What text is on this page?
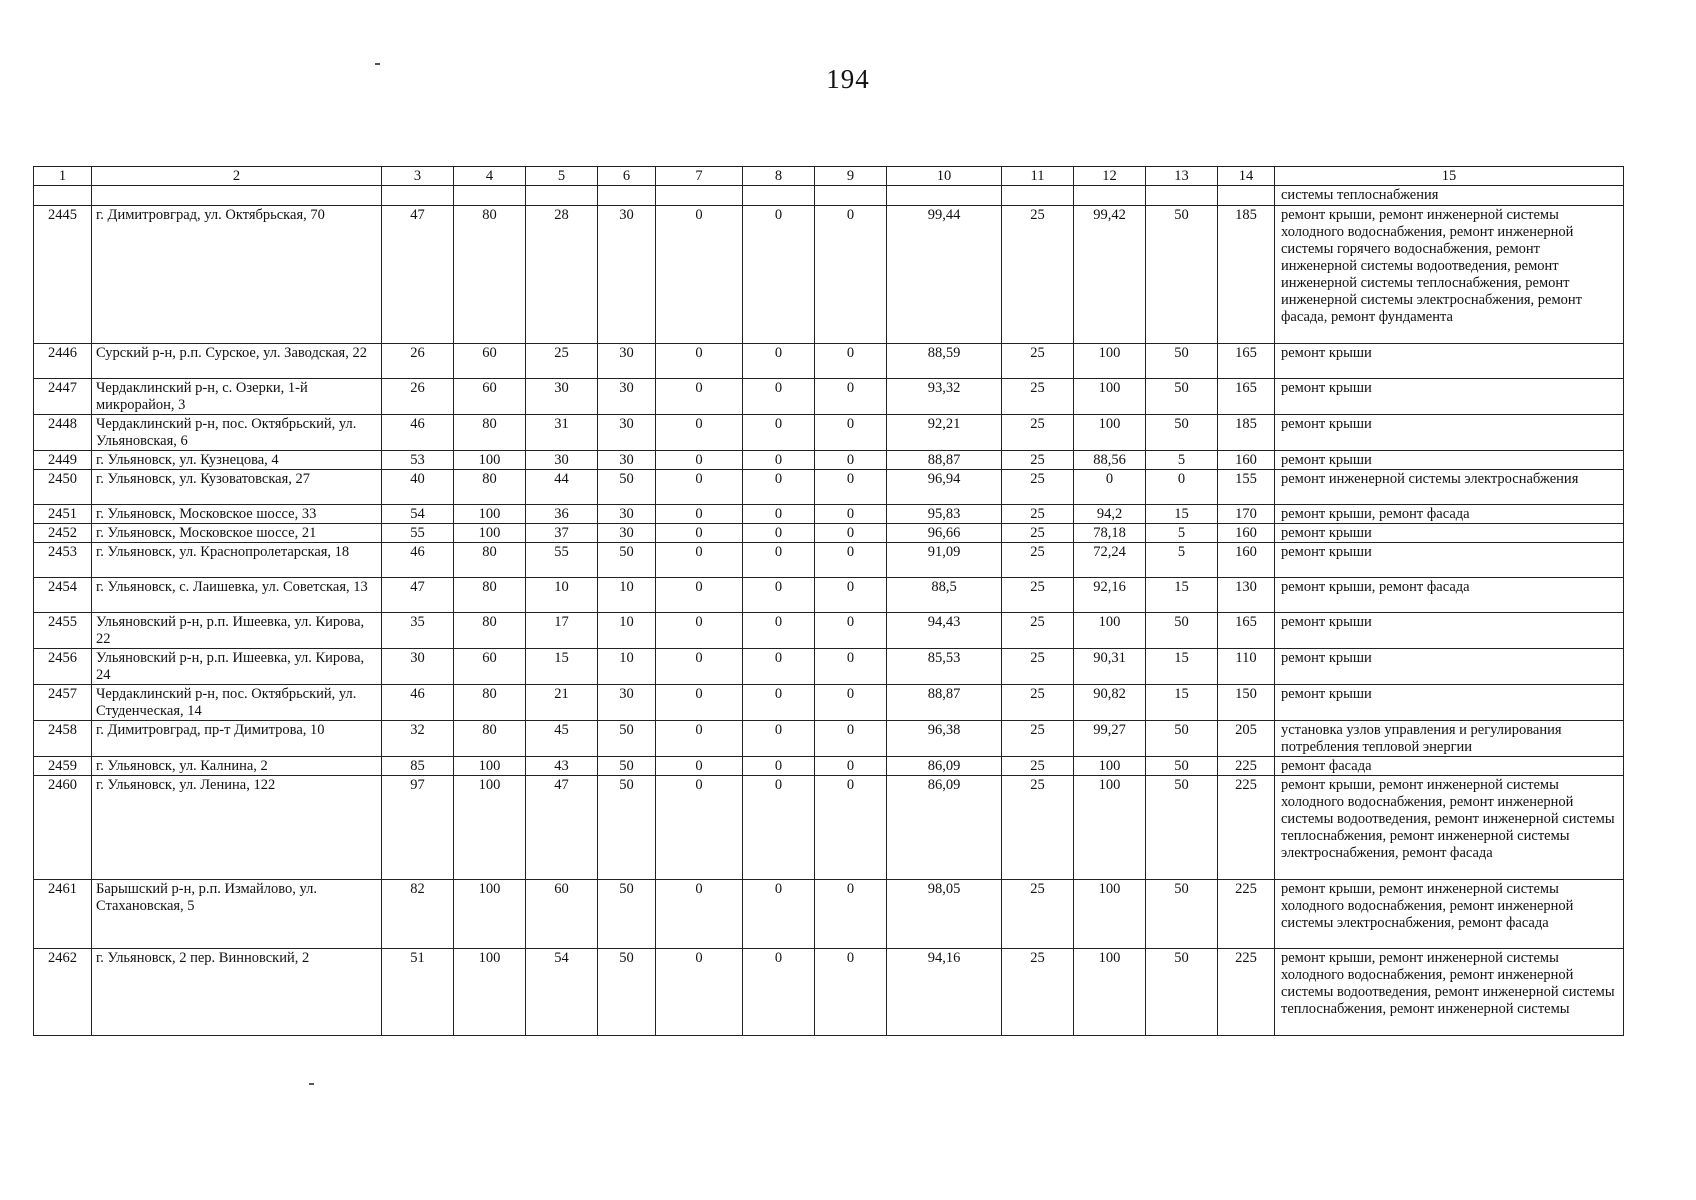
194
1	2	3	4	5	6	7	8	9	10	11	12	13	14	15
														системы теплоснабжения
2445	г. Димитровград, ул. Октябрьская, 70	47	80	28	30	0	0	0	99,44	25	99,42	50	185	ремонт крыши, ремонт инженерной системы холодного водоснабжения, ремонт инженерной системы горячего водоснабжения, ремонт инженерной системы водоотведения, ремонт инженерной системы теплоснабжения, ремонт инженерной системы электроснабжения, ремонт фасада, ремонт фундамента
2446	Сурский р-н, р.п. Сурское, ул. Заводская, 22	26	60	25	30	0	0	0	88,59	25	100	50	165	ремонт крыши
2447	Чердаклинский р-н, с. Озерки, 1-й микрорайон, 3	26	60	30	30	0	0	0	93,32	25	100	50	165	ремонт крыши
2448	Чердаклинский р-н, пос. Октябрьский, ул. Ульяновская, 6	46	80	31	30	0	0	0	92,21	25	100	50	185	ремонт крыши
2449	г. Ульяновск, ул. Кузнецова, 4	53	100	30	30	0	0	0	88,87	25	88,56	5	160	ремонт крыши
2450	г. Ульяновск, ул. Кузоватовская, 27	40	80	44	50	0	0	0	96,94	25	0	0	155	ремонт инженерной системы электроснабжения
2451	г. Ульяновск, Московское шоссе, 33	54	100	36	30	0	0	0	95,83	25	94,2	15	170	ремонт крыши, ремонт фасада
2452	г. Ульяновск, Московское шоссе, 21	55	100	37	30	0	0	0	96,66	25	78,18	5	160	ремонт крыши
2453	г. Ульяновск, ул. Краснопролетарская, 18	46	80	55	50	0	0	0	91,09	25	72,24	5	160	ремонт крыши
2454	г. Ульяновск, с. Лаишевка, ул. Советская, 13	47	80	10	10	0	0	0	88,5	25	92,16	15	130	ремонт крыши, ремонт фасада
2455	Ульяновский р-н, р.п. Ишеевка, ул. Кирова, 22	35	80	17	10	0	0	0	94,43	25	100	50	165	ремонт крыши
2456	Ульяновский р-н, р.п. Ишеевка, ул. Кирова, 24	30	60	15	10	0	0	0	85,53	25	90,31	15	110	ремонт крыши
2457	Чердаклинский р-н, пос. Октябрьский, ул. Студенческая, 14	46	80	21	30	0	0	0	88,87	25	90,82	15	150	ремонт крыши
2458	г. Димитровград, пр-т Димитрова, 10	32	80	45	50	0	0	0	96,38	25	99,27	50	205	установка узлов управления и регулирования потребления тепловой энергии
2459	г. Ульяновск, ул. Калнина, 2	85	100	43	50	0	0	0	86,09	25	100	50	225	ремонт фасада
2460	г. Ульяновск, ул. Ленина, 122	97	100	47	50	0	0	0	86,09	25	100	50	225	ремонт крыши, ремонт инженерной системы холодного водоснабжения, ремонт инженерной системы водоотведения, ремонт инженерной системы теплоснабжения, ремонт инженерной системы электроснабжения, ремонт фасада
2461	Барышский р-н, р.п. Измайлово, ул. Стахановская, 5	82	100	60	50	0	0	0	98,05	25	100	50	225	ремонт крыши, ремонт инженерной системы холодного водоснабжения, ремонт инженерной системы электроснабжения, ремонт фасада
2462	г. Ульяновск, 2 пер. Винновский, 2	51	100	54	50	0	0	0	94,16	25	100	50	225	ремонт крыши, ремонт инженерной системы холодного водоснабжения, ремонт инженерной системы водоотведения, ремонт инженерной системы теплоснабжения, ремонт инженерной системы
